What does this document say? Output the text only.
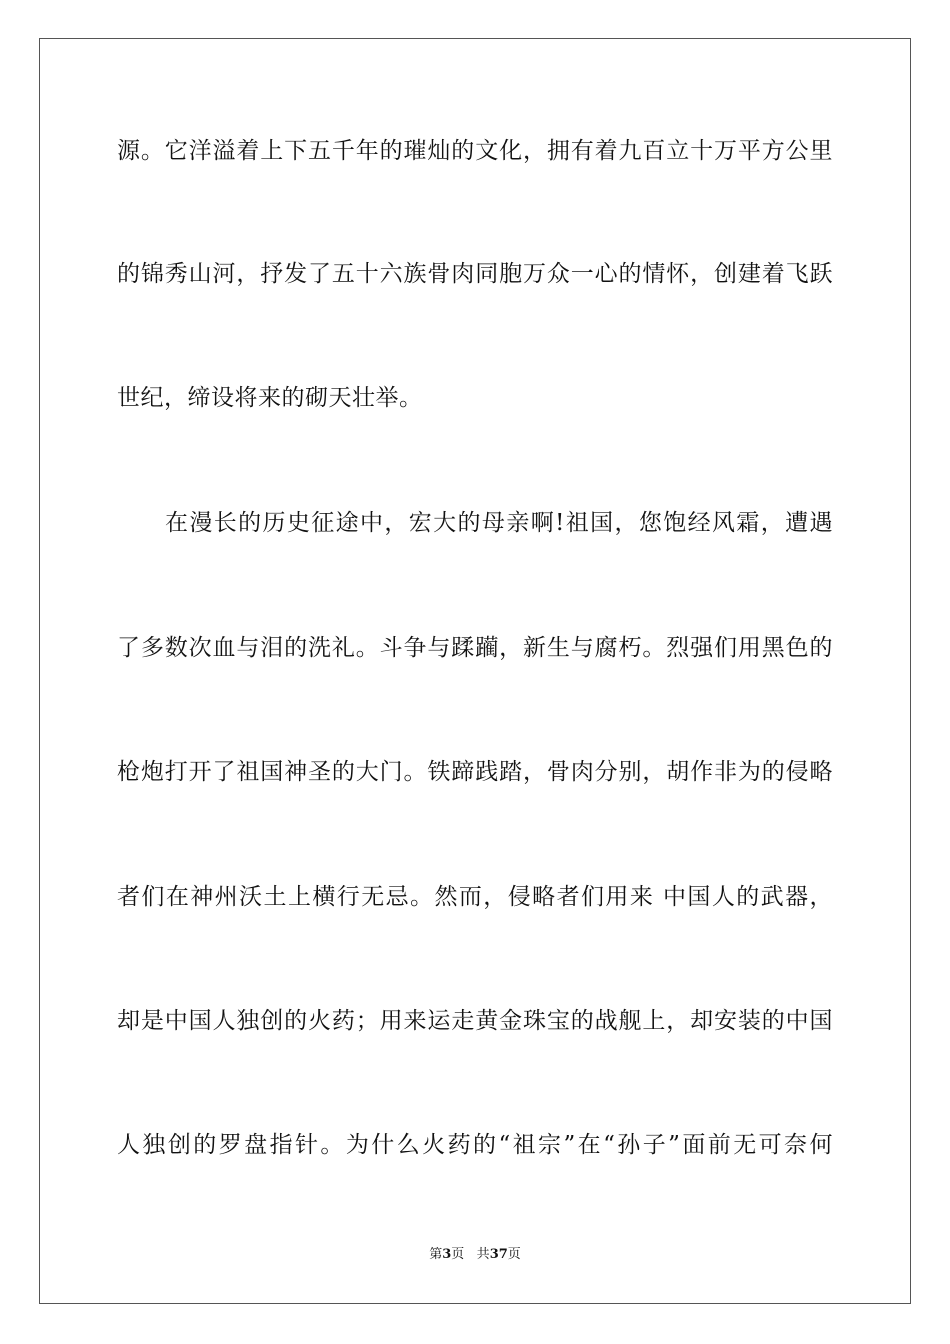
源。它洋溢着上下五千年的璀灿的文化，拥有着九百立十万平方公里
的锦秀山河，抒发了五十六族骨肉同胞万众一心的情怀，创建着飞跃
世纪，缔设将来的砌天壮举。
在漫长的历史征途中，宏大的母亲啊!祖国，您饱经风霜，遭遇
了多数次血与泪的洗礼。斗争与蹂躏，新生与腐朽。烈强们用黑色的
枪炮打开了祖国神圣的大门。铁蹄践踏，骨肉分别，胡作非为的侵略
者们在神州沃土上横行无忌。然而，侵略者们用来 中国人的武器，
却是中国人独创的火药；用来运走黄金珠宝的战舰上，却安装的中国
人独创的罗盘指针。为什么火药的“祖宗”在“孙子”面前无可奈何
第3页 共37页
